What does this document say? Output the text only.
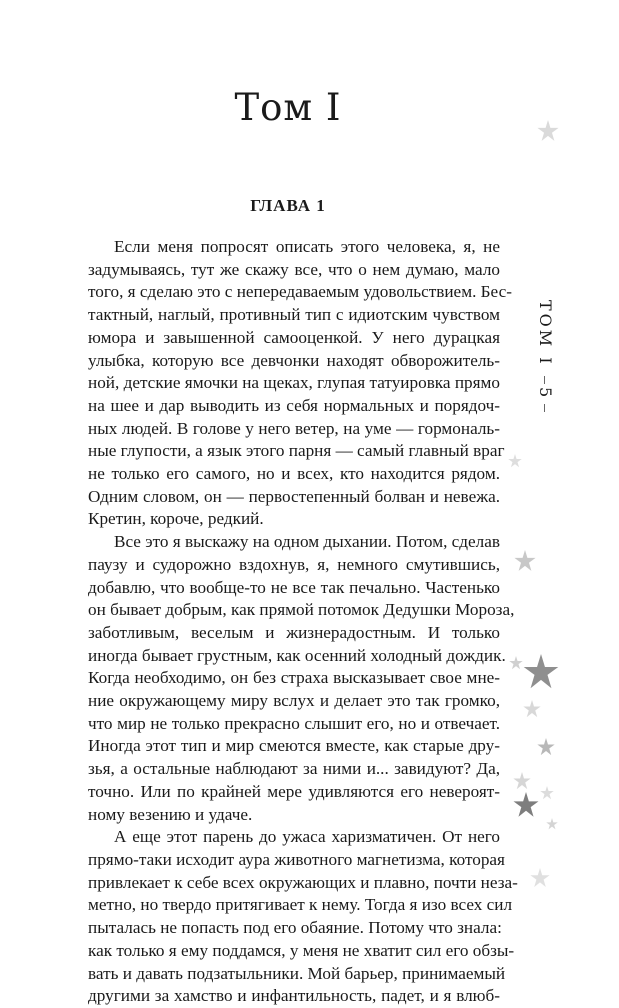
Том I
ГЛАВА 1

Если меня попросят описать этого человека, я, не

задумываясь, тут же скажу все, что о нем думаю, мало

того, я сделаю это с непередаваемым удовольствием. Бес-

тактный, наглый, противный тип с идиотским чувством

юмора и завышенной самооценкой. У него дурацкая

улыбка, которую все девчонки находят обворожитель-

ной, детские ямочки на щеках, глупая татуировка прямо

на шее и дар выводить из себя нормальных и порядоч-

ных людей. В голове у него ветер, на уме — гормональ-

ные глупости, а язык этого парня — самый главный враг

не только его самого, но и всех, кто находится рядом.

Одним словом, он — первостепенный болван и невежа.

Кретин, короче, редкий.

Все это я выскажу на одном дыхании. Потом, сделав

паузу и судорожно вздохнув, я, немного смутившись,

добавлю, что вообще-то не все так печально. Частенько

он бывает добрым, как прямой потомок Дедушки Мороза,

заботливым, веселым и жизнерадостным. И только

иногда бывает грустным, как осенний холодный дождик.

Когда необходимо, он без страха высказывает свое мне-

ние окружающему миру вслух и делает это так громко,

что мир не только прекрасно слышит его, но и отвечает.

Иногда этот тип и мир смеются вместе, как старые дру-

зья, а остальные наблюдают за ними и... завидуют? Да,

точно. Или по крайней мере удивляются его невероят-

ному везению и удаче.

А еще этот парень до ужаса харизматичен. От него

прямо-таки исходит аура животного магнетизма, которая

привлекает к себе всех окружающих и плавно, почти неза-

метно, но твердо притягивает к нему. Тогда я изо всех сил

пыталась не попасть под его обаяние. Потому что знала:

как только я ему поддамся, у меня не хватит сил его обзы-

вать и давать подзатыльники. Мой барьер, принимаемый

другими за хамство и инфантильность, падет, и я влюб-

ТОМ I
5
